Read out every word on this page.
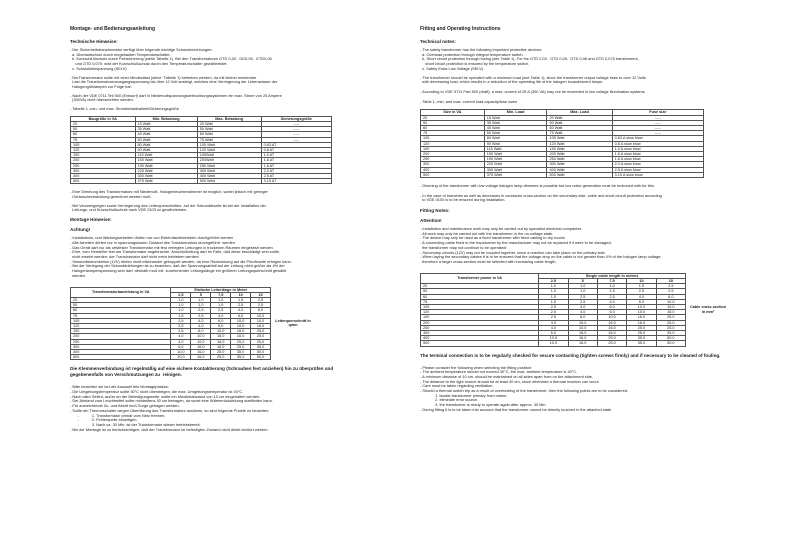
Montage- und Bedienungsanleitung
Technische Hinweise:
- Der Sicherheitstransformator verfügt über folgende wichtige Schutzeinrichtungen:
a. Überlastschutz durch eingebauten Temperaturschalter.
b. Kurzschlußschutz durch Feinsicherung (siehe Tabelle 1). Bei den Transformatoren GTD 0,02,  GD0,05,  GTD0,06
und GTD 0,075  wird der Kurzschlußschutz durch den Temperaturschalter gewährleistet.
c. Schutzkleinspannung (SELV)
- DerTransformator sollte mit einer Mindestlast (siehe  Tabelle 1) betrieben werden, da mit kleiner werdender
Last die Transformatorenausgangsspannung bis über 12 Volt ansteigt, welches eine Verringerung der Lebensdauer der
Halogenglühlampen zur Folge hat.
- Nach der VDE 0711 Teil 500 (Entwurf) darf in Niedervoltspannungsbeleuchtungssystemen ein max. Strom von 25 Ampere
(300VA) nicht überschritten werden.
- Tabelle 1.-min. und max. Strombelastbarkeit/Sicherungsgröße
Baugröße in VA	Min. Belastung	Max. Belastung	Sicherungsgröße
20	15 Watt	20 Watt	-----
50	35 Watt	50 Watt	-----
60	45 Watt	60 Watt	-----
75	50 Watt	75 Watt	-----
105	80 Watt	105 Watt	0,63 AT
120	90 Watt	120 Watt	0,8 AT
150	115 Watt	150Watt	1,0 AT
200	150 Watt	200Watt	1,6 AT
250	190 Watt	250 Watt	1,6 AT
300	225 Watt	300 Watt	2,0 AT
400	300 Watt	400 Watt	2,5 AT
500	375 Watt	500 Watt	3,15 AT
- Eine Dimmung des Transformators mit Niedervolt- Halogenleuchtendimmer ist möglich, wobei jedoch mit geringer
Geräuschentwicklung gerechnet werden muß.
- Bei Verzweigungen sowie Verringerung des Leiterquerschnittes  auf der Sekundärseite ist bei der Installation der
Leitungs- und Kurzschlußschutz nach VDE 0100 zu gewährleisten.
Montage Hinweise:
Achtung!
- Installations- und Wartungsarbeiten dürfen nur von Elektrofachbetrieben durchgeführt werden
- Alle Arbeiten dürfen nur in spannungslosem Zustand des Transformators durchgeführt  werden.
- Das Gerät darf nur als ortsfester Transformator mit fest verlegten Leitungen in trockenen Räumen eingesetzt werden.
- Eine, vom Hersteller fest am Transformator angebrachte  Anschlußleitung darf im Falle, daß diese beschädigt sein sollte,
nicht ersetzt werden; der Transformator darf nicht mehr betrieben werden!
- Sekundärstromkreise (12V) dürfen nicht miteinander gekoppelt werden, da eine Rückwirkung auf die Primärseite erfolgen kann.
- Bei der Verlegung der Sekundärleitungen ist zu beachten, daß der Spannungsabfall auf der Leitung nicht größer als 4% der
Halogenlampenspannung sein darf; deshalb muß mit  zunehmender Leitungslänge ein größerer Leitungsquerschnitt gewählt
werden.
Transformatorbauleistung in VA	Einfache Leiterlänge in Meter					Leiterquerschnitt in qmm
	2,5	5	7,5	10	15	
20	1,0	1,0	1,0	1,5	2,5	
50	1,0	1,0	1,5	2,5	2,5	
60	1,0	2,5	2,5	4,0	6,0	
75	1,5	2,5	4,0	6,0	10,0	
105	2,5	4,0	6,0	10,0	10,0	
120	2,5	4,0	6,0	10,0	16,0	
150	2,5	6,0	10,0	16,0	25,0	
200	4,0	10,0	16,0	16,0	25,0	
250	4,0	10,0	16,0	25,0	25,0	
300	6,0	16,0	16,0	25,0	35,0	
400	10,0	16,0	25,0	35,0	50,0	
500	10,0	16,0	25,0	35,0	50,0	
Die Klemmenverbindung ist regelmäßig auf eine sichere Kontaktierung (Schrauben fest anziehen) hin zu überprüfen und
gegebenenfalls von Verschmutzungen zu  reinigen.
- Bitte beachten sie bei der Auswahl des Montageplatzes:
- Die Umgebungstemperatur sollte 30°C nicht übersteigen, die max. Umgebungstemperatur ist 40°C.
- Nach allen Seiten, außer an der Befestigungsseite, sollte ein Mindestabstand von 10 cm eingehalten werden.
- Der Abstand zum Leuchtmittel sollte mindestens 30 cm betragen, da sonst eine Wärmerückwirkung stattfinden kann.
- Für ausreichende Zu- und Abluft muß Sorge getragen werden.
- Sollte ein Thermoschalter wegen Überhitzung des Transformators auslösen, so sind folgende Punkte zu beachten:
-            1. Transformator primär vom Netz trennen.
-            2. Fehlerquelle beseitigen.
-            3. Nach ca. 30 Min. ist der Transformator wieder betriebsbereit.
- Bei der Montage ist zu berücksichtigen, daß der Transformator im befestigten Zustand nicht direkt berührt werden
Fitting and Operating Instructions
Technical notes:
- The safety transformer has the following important protective devices:
a. Overload protection through integral temperature switch.
b. Short circuit protection through fusing (see Table 1). For the GTD 0,02,  GTD 0,05,  GTD 0,06 and GTD 0,075 transformers,
short circuit protection is ensured by the temperature switch.
c. Safety Extra Low Voltage (SELV)
- The transformer should be operated with a minimum load (see Table 1), since the transformer output voltage rises to over 12 Volts
with decreasing load, which results in a reduction of the operating life of the halogen incandescent lamps.
- According to VDE 0711 Part 500 (draft), a max. current of 25 A (300 VA) may not be exceeded in low voltage illumination systems.
- Table 1.-min. and max. current load capacity/fuse sizes
Size in VA	Min. Load	Max. Load	Fuse size
20	15 Watt	20 Watt	-----
50	35 Watt	50 Watt	-----
60	45 Watt	60 Watt	-----
75	50 Watt	75 Watt	-----
105	80 Watt	105 Watt	0.63 A slow blow
120	90 Watt	120 Watt	0.8 A slow blow
150	115 Watt	150 Watt	1.0 A slow blow
200	150 Watt	200 Watt	1.6 A slow blow
250	190 Watt	250 Watt	1.6 A slow blow
300	225 Watt	300 Watt	2.0 A slow blow
400	300 Watt	400 Watt	2.5 A slow blow
500	375 Watt	500 Watt	3.15 A slow blow
- Dimming of the transformer with low voltage halogen lamp dimmers is possible but low noise generation must be reckoned with for this.
- In the case of branches as well as decreases in conductor cross-section on the secondary side, cable and short-circuit protection according
to VDE 0100 is to be ensured during installation.
Fitting Notes:
Attention!
- Installation and maintenance work may only be carried out by specialist electrical companies
- All work may only be carried out with the transformer in the no-voltage state.
- The device may only be used as a fixed transformer with fixed cabling in dry rooms
- A connecting cable fixed to the transformer by the manufacturer may not be replaced if it were to be damaged;
the transformer may not continue to be operated!
- Secondary circuits (12V) may not be coupled together, since a reaction can take place on the primary side.
- When laying the secondary cables it is to be ensured that the voltage drop on the cable is not greater than 4% of the halogen lamp voltage;
therefore a larger cross-section must be selected with increasing cable length.
Transformer power in VA	Single cable length in metres					Cable cross-section in mm²
	2.5	5	7.5	10	15	
20	1.0	1.0	1.0	1.5	2.5	
50	1.0	1.0	1.5	2.5	2.5	
60	1.0	2.5	2.5	4.0	6.0	
75	1.5	2.5	4.0	6.0	10.0	
105	2.5	4.0	6.0	10.0	10.0	
120	2.5	4.0	6.0	10.0	16.0	
150	2.5	6.0	10.0	16.0	25.0	
200	4.0	10.0	16.0	16.0	25.0	
250	4.0	10.0	16.0	25.0	25.0	
300	6.0	16.0	16.0	25.0	35.0	
400	10.0	16.0	25.0	35.0	50.0	
500	10.0	16.0	25.0	35.0	50.0	
The terminal connection is to be regularly checked for secure contacting (tighten screws firmly) and if necessary to be cleaned of fouling.
- Please consider the following when selecting the fitting position:
- The ambient temperature should not exceed 30°C, the max. ambient temperature is 40°C.
- A minimum distance of 10 cm. should be maintained on all sides apart from on the attachment side.
- The distance to the light source should be at least 30 cm, since otherwise a thermal reaction can occur.
- Care must be taken regarding ventilation.
- Should a thermal switch trip as a result of overheating of the transformer, then the following points are to be considered:
1. isolate transformer primary from mains.
2. eliminate error source.
3. the transformer is ready to operate again after approx. 30 Min.
- During fitting it is to be taken into account that the transformer cannot be directly touched in the attached state.
